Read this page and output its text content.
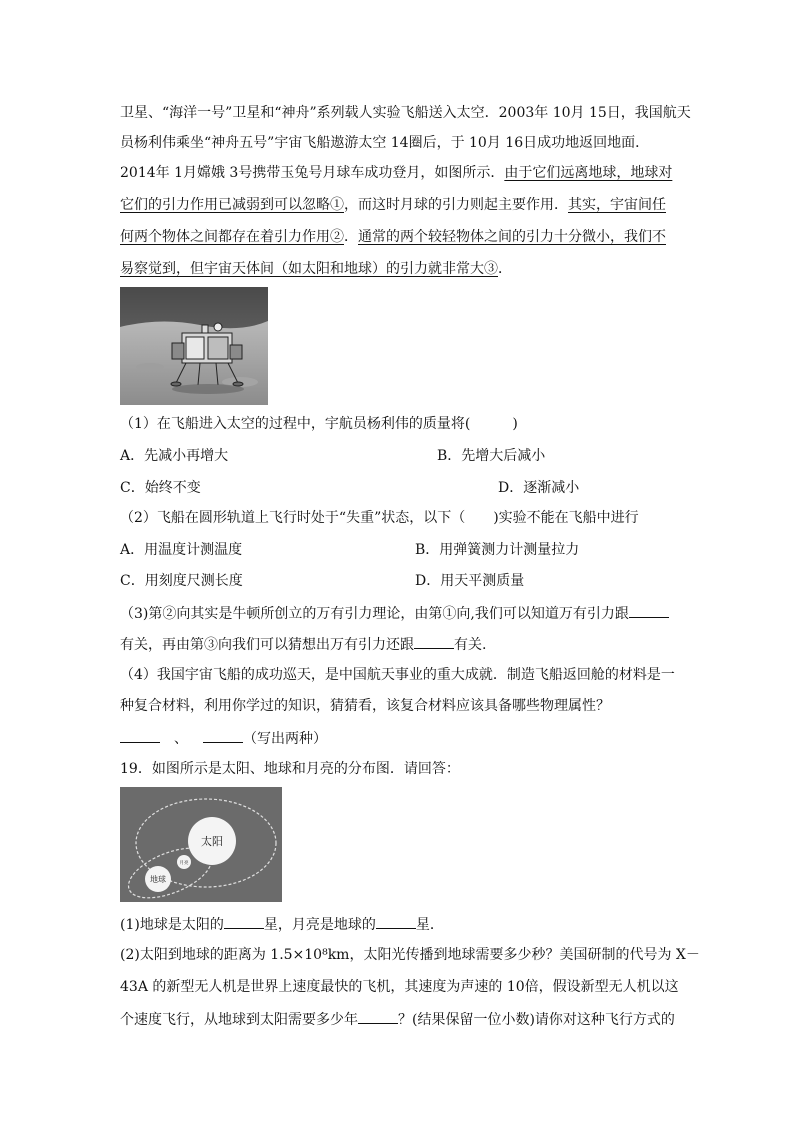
卫星、“海洋一号”卫星和“神舟”系列载人实验飞船送入太空．2003年 10月 15日，我国航天
员杨利伟乘坐“神舟五号”宇宙飞船遨游太空 14圈后，于 10月 16日成功地返回地面．
2014年 1月嫦娥 3号携带玉兔号月球车成功登月，如图所示．由于它们远离地球，地球对
它们的引力作用已减弱到可以忽略①，而这时月球的引力则起主要作用．其实，宇宙间任
何两个物体之间都存在着引力作用②．通常的两个较轻物体之间的引力十分微小，我们不
易察觉到，但宇宙天体间（如太阳和地球）的引力就非常大③．
（1）在飞船进入太空的过程中，宇航员杨利伟的质量将(　　　)
A．先减小再增大	B．先增大后减小
C．始终不变	D．逐渐减小
（2）飞船在圆形轨道上飞行时处于“失重”状态，以下（　　)实验不能在飞船中进行
A．用温度计测温度	B．用弹簧测力计测量拉力
C．用刻度尺测长度	D．用天平测质量
（3)第②向其实是牛顿所创立的万有引力理论，由第①向,我们可以知道万有引力跟
有关，再由第③向我们可以猜想出万有引力还跟	有关.
（4）我国宇宙飞船的成功巡天，是中国航天事业的重大成就．制造飞船返回舱的材料是一
种复合材料，利用你学过的知识，猜猜看，该复合材料应该具备哪些物理属性？
　、　	（写出两种）
19．如图所示是太阳、地球和月亮的分布图．请回答：
太阳
地球
月亮
(1)地球是太阳的	星，月亮是地球的	星．
(2)太阳到地球的距离为 1.5×10⁸km，太阳光传播到地球需要多少秒？美国研制的代号为 X－
43A 的新型无人机是世界上速度最快的飞机，其速度为声速的 10倍，假设新型无人机以这
个速度飞行，从地球到太阳需要多少年	？(结果保留一位小数)请你对这种飞行方式的
